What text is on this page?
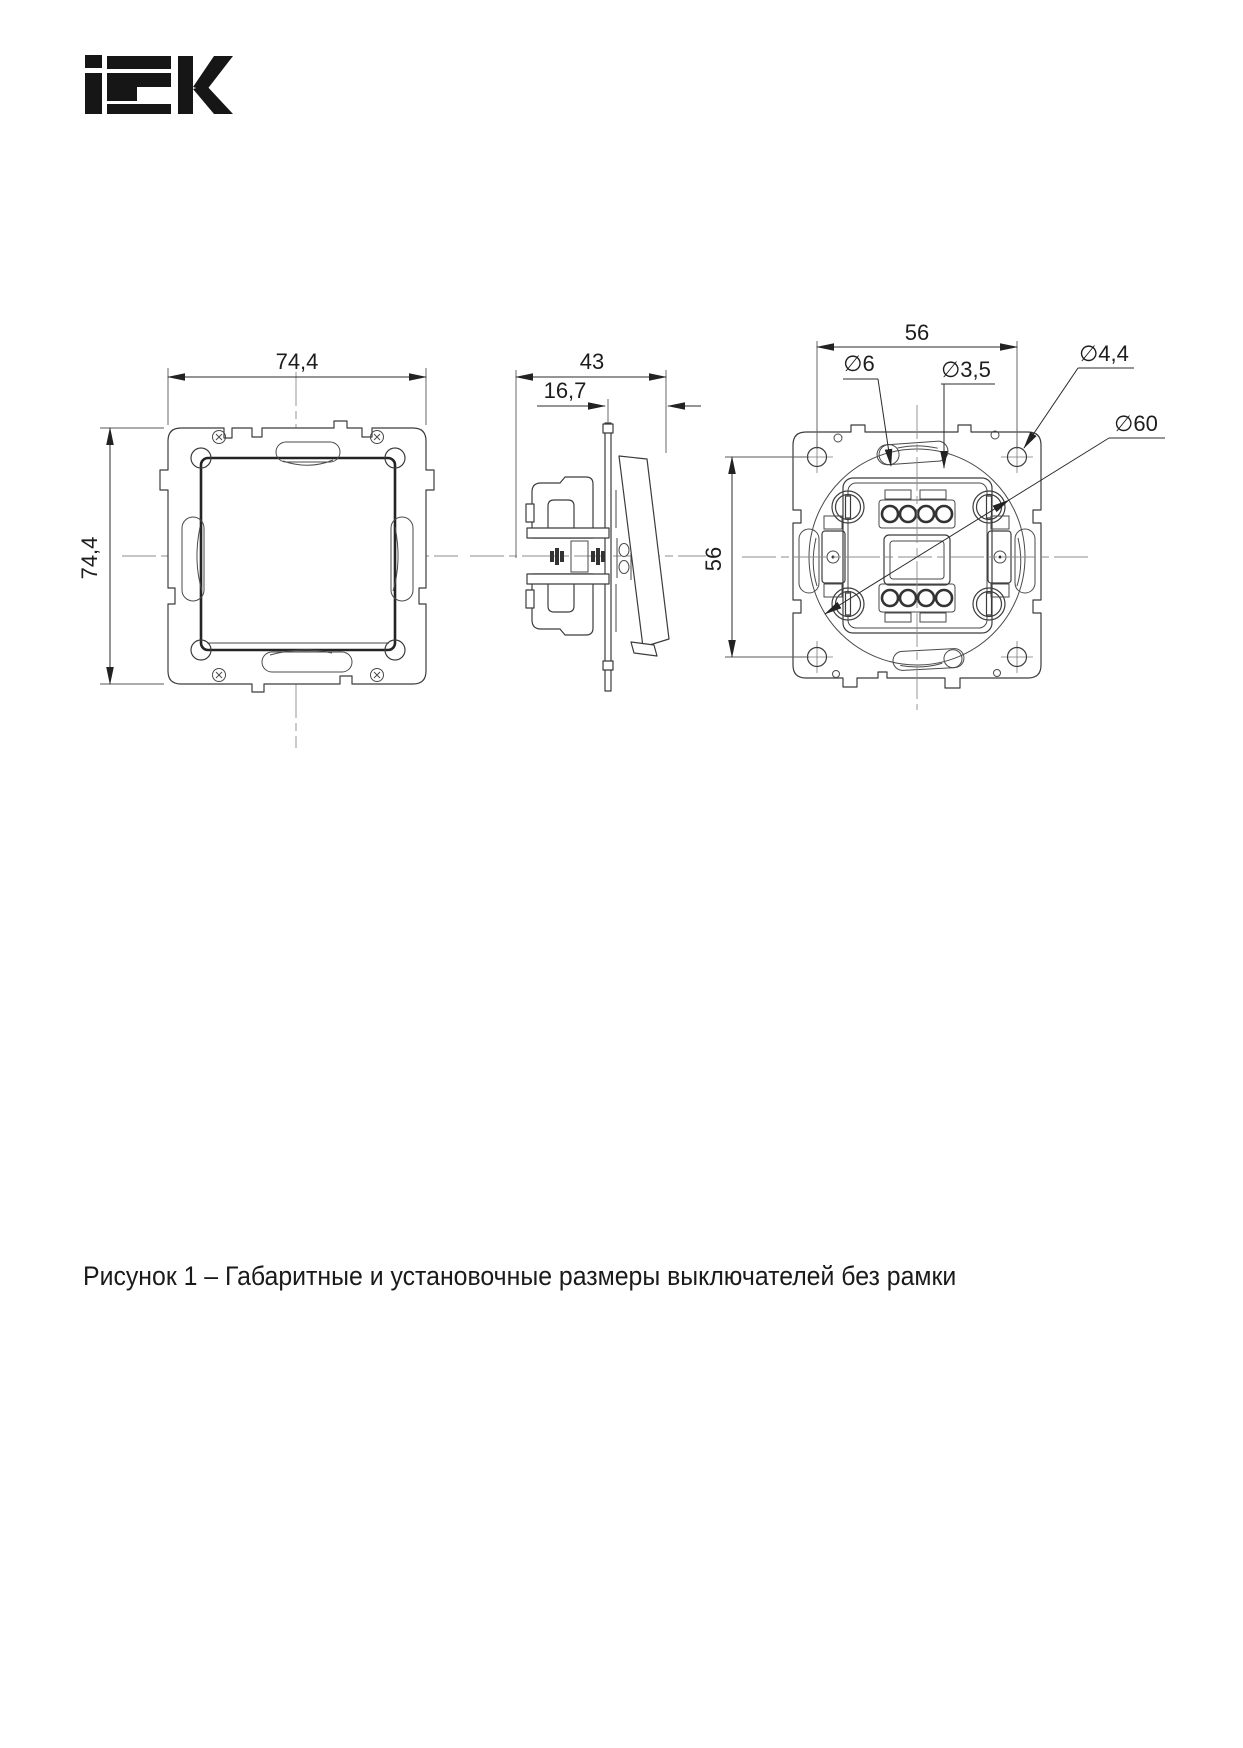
74,4
74,4
43
16,7
56
56
∅6	∅3,5
∅4,4
∅60
Рисунок 1 – Габаритные и установочные размеры выключателей без рамки
